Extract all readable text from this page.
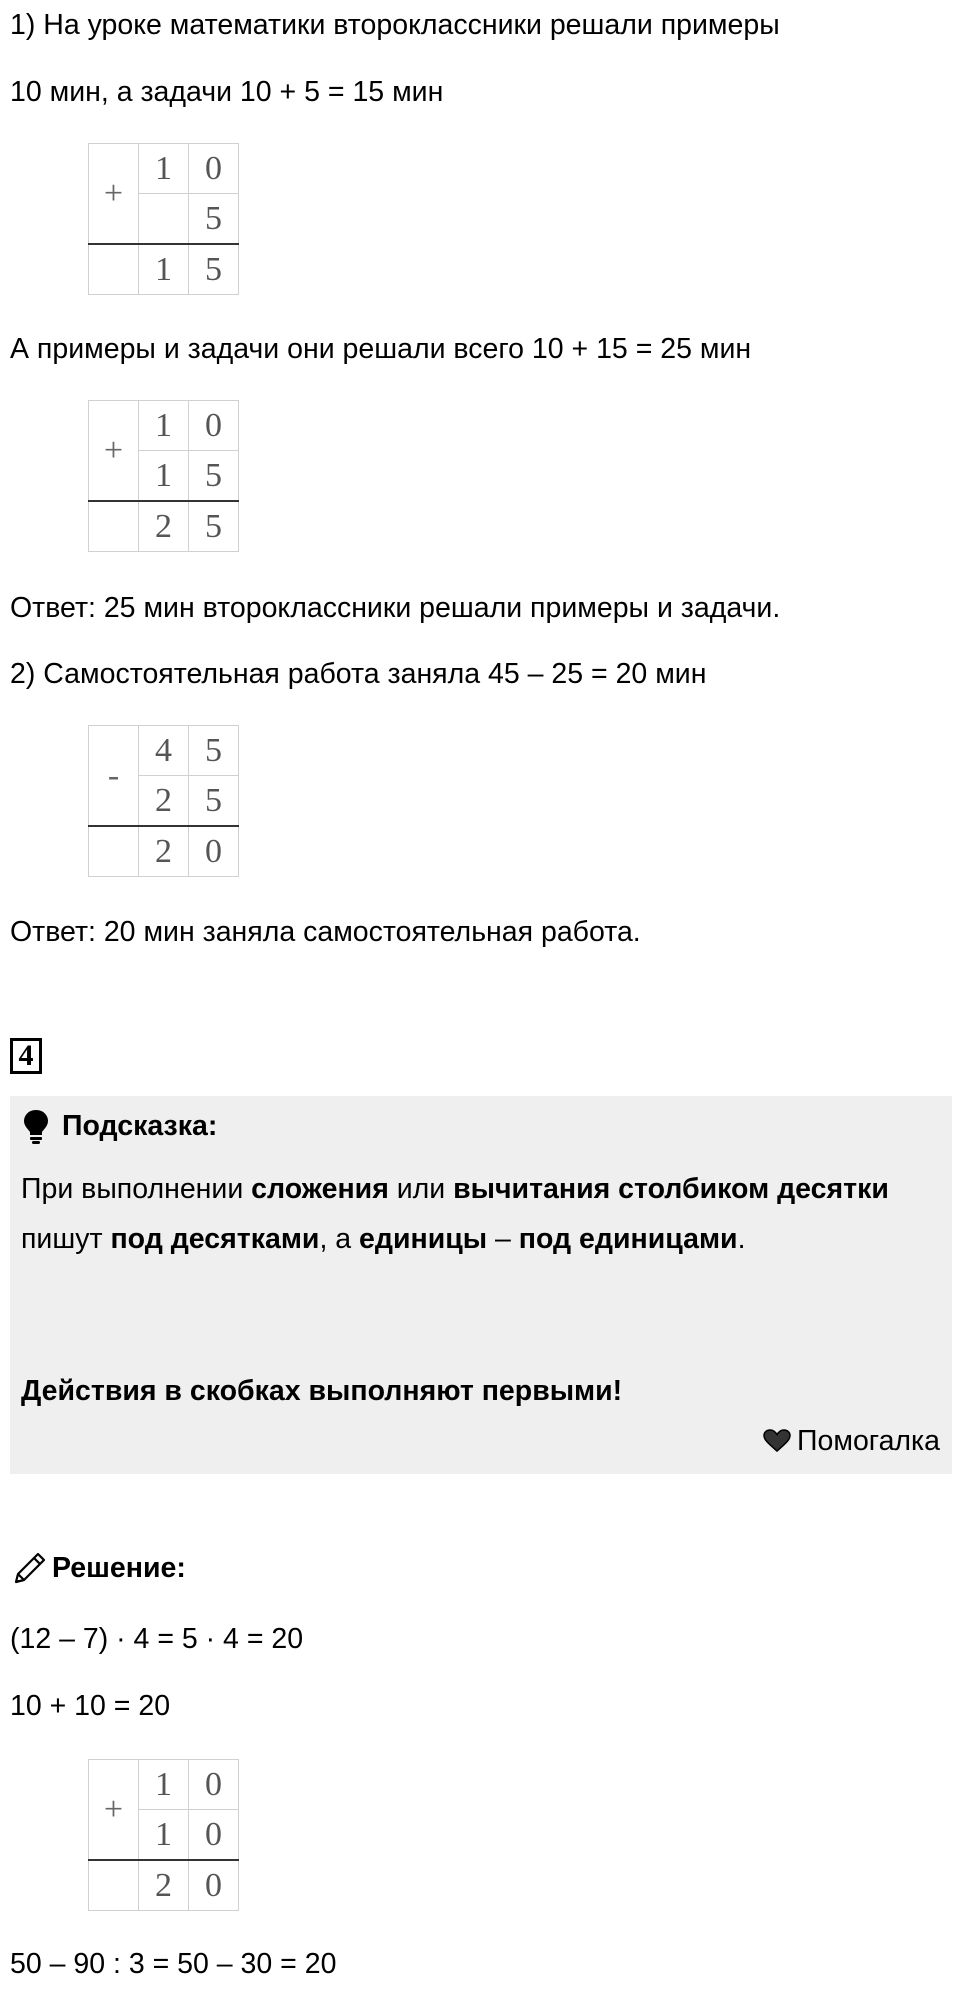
1) На уроке математики второклассники решали примеры

10 мин, а задачи 10 + 5 = 15 мин

+	1	0
		5
	1	5

А примеры и задачи они решали всего 10 + 15 = 25 мин

+	1	0
	1	5
	2	5

Ответ: 25 мин второклассники решали примеры и задачи.

2) Самостоятельная работа заняла 45 – 25 = 20 мин

-	4	5
	2	5
	2	0

Ответ: 20 мин заняла самостоятельная работа.

4
Подсказка:

При выполнении сложения или вычитания столбиком десятки пишут под десятками, а единицы – под единицами.

Действия в скобках выполняют первыми!
Помогалка
Решение:

(12 – 7) · 4 = 5 · 4 = 20

10 + 10 = 20

+	1	0
	1	0
	2	0

50 – 90 : 3 = 50 – 30 = 20
